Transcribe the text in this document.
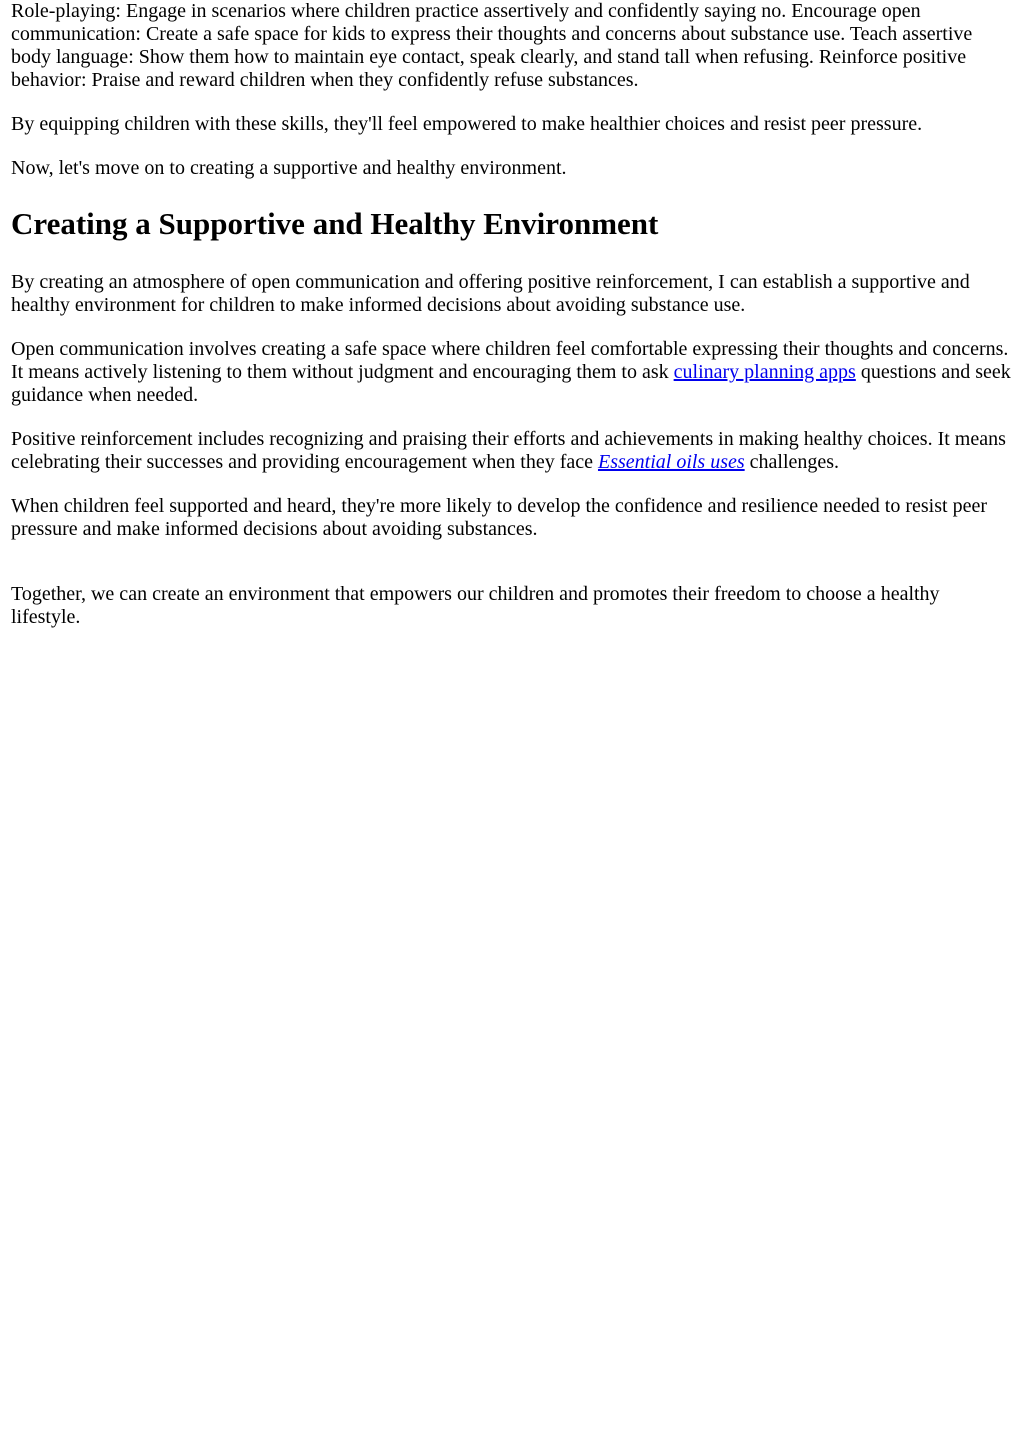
Role-playing: Engage in scenarios where children practice assertively and confidently saying no. Encourage open communication: Create a safe space for kids to express their thoughts and concerns about substance use. Teach assertive body language: Show them how to maintain eye contact, speak clearly, and stand tall when refusing. Reinforce positive behavior: Praise and reward children when they confidently refuse substances.

By equipping children with these skills, they'll feel empowered to make healthier choices and resist peer pressure.

Now, let's move on to creating a supportive and healthy environment.

Creating a Supportive and Healthy Environment

By creating an atmosphere of open communication and offering positive reinforcement, I can establish a supportive and healthy environment for children to make informed decisions about avoiding substance use.

Open communication involves creating a safe space where children feel comfortable expressing their thoughts and concerns. It means actively listening to them without judgment and encouraging them to ask culinary planning apps questions and seek guidance when needed.

Positive reinforcement includes recognizing and praising their efforts and achievements in making healthy choices. It means celebrating their successes and providing encouragement when they face Essential oils uses challenges.

When children feel supported and heard, they're more likely to develop the confidence and resilience needed to resist peer pressure and make informed decisions about avoiding substances.

Together, we can create an environment that empowers our children and promotes their freedom to choose a healthy lifestyle.
